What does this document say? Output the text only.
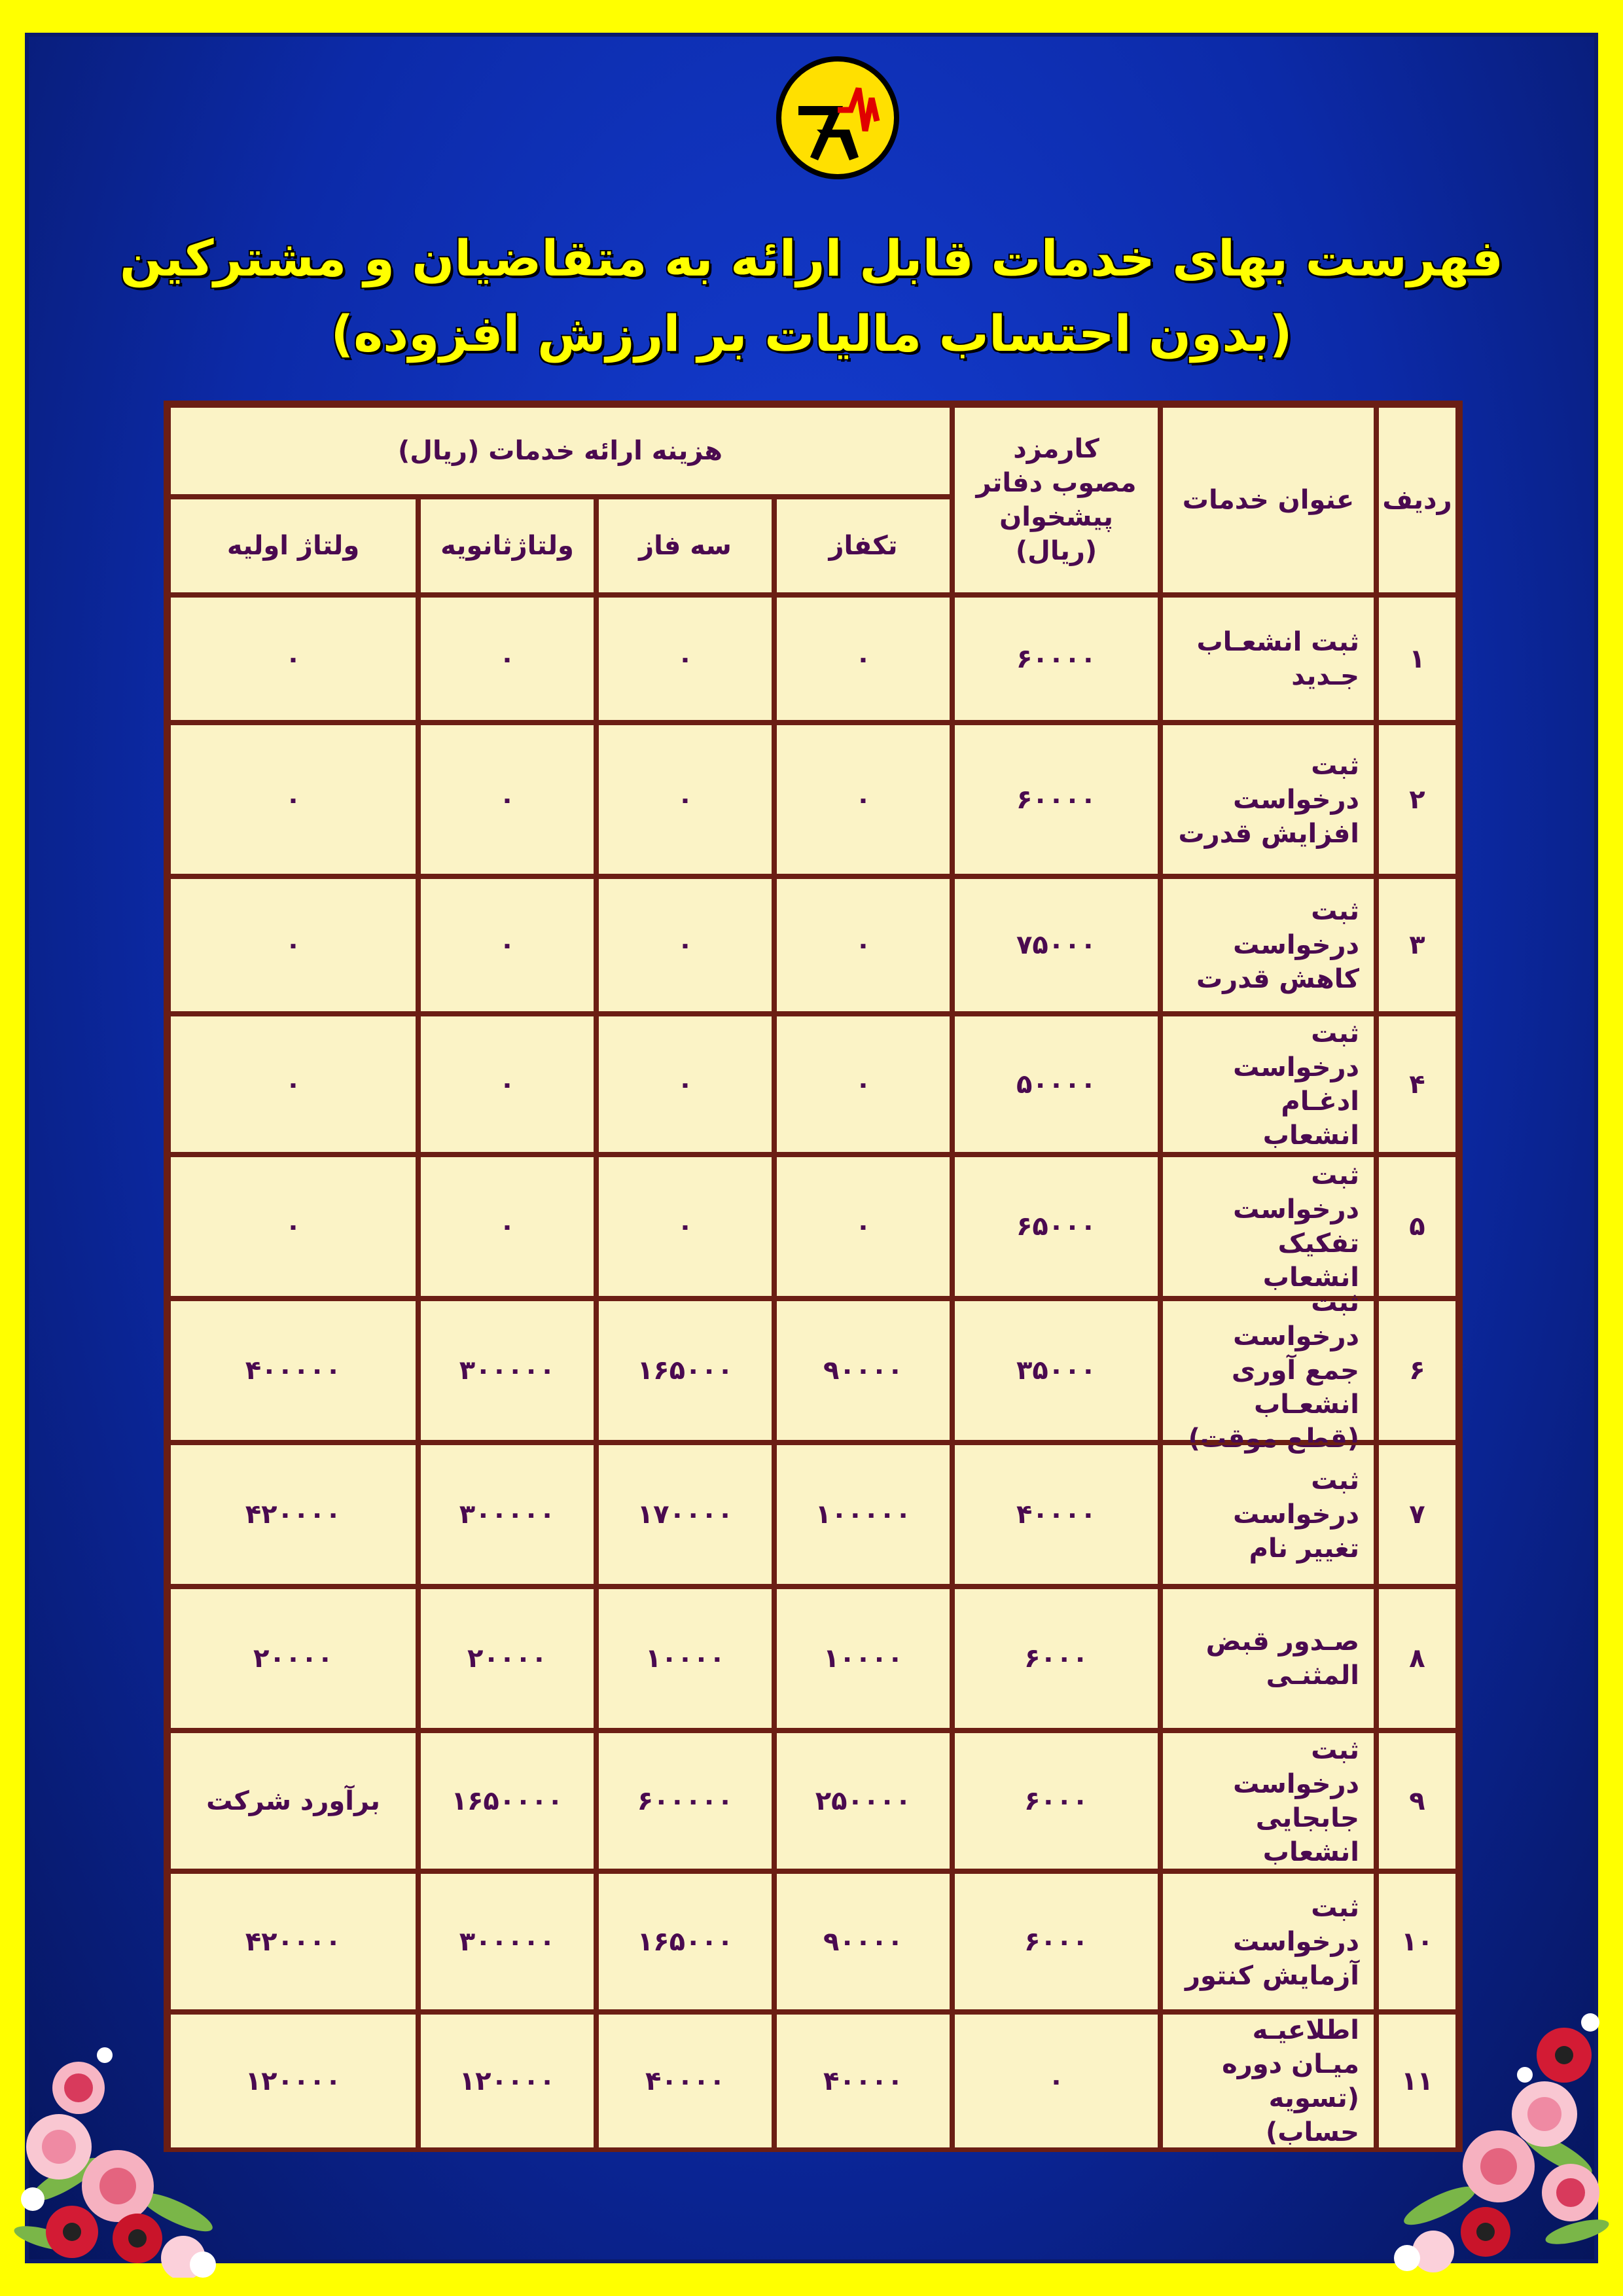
فهرست بهای خدمات قابل ارائه به متقاضیان و مشترکین
(بدون احتساب مالیات بر ارزش افزوده)
ردیف
عنوان خدمات
کارمزد مصوب دفاتر پیشخوان (ریال)
هزینه ارائه خدمات (ریال)
تکفاز
سه فاز
ولتاژثانویه
ولتاژ اولیه
۱
ثبت انشعـاب جـدید
۶۰۰۰۰
۰
۰
۰
۰
۲
ثبت درخواست افزایش قدرت
۶۰۰۰۰
۰
۰
۰
۰
۳
ثبت درخواست کاهش قدرت
۷۵۰۰۰
۰
۰
۰
۰
۴
ثبت درخواست ادغـام انشعاب
۵۰۰۰۰
۰
۰
۰
۰
۵
ثبت درخواست تفکیک انشعاب
۶۵۰۰۰
۰
۰
۰
۰
۶
ثبت درخواست جمع آوری انشعـاب (قطع موقت)
۳۵۰۰۰
۹۰۰۰۰
۱۶۵۰۰۰
۳۰۰۰۰۰
۴۰۰۰۰۰
۷
ثبت درخواست تغییر نام
۴۰۰۰۰
۱۰۰۰۰۰
۱۷۰۰۰۰
۳۰۰۰۰۰
۴۲۰۰۰۰
۸
صـدور قبض المثنـی
۶۰۰۰
۱۰۰۰۰
۱۰۰۰۰
۲۰۰۰۰
۲۰۰۰۰
۹
ثبت درخواست جابجایی انشعاب
۶۰۰۰
۲۵۰۰۰۰
۶۰۰۰۰۰
۱۶۵۰۰۰۰
برآورد شرکت
۱۰
ثبت درخواست آزمایش کنتور
۶۰۰۰
۹۰۰۰۰
۱۶۵۰۰۰
۳۰۰۰۰۰
۴۲۰۰۰۰
۱۱
اطلاعیـه میـان دوره (تسویه حساب)
۰
۴۰۰۰۰
۴۰۰۰۰
۱۲۰۰۰۰
۱۲۰۰۰۰
